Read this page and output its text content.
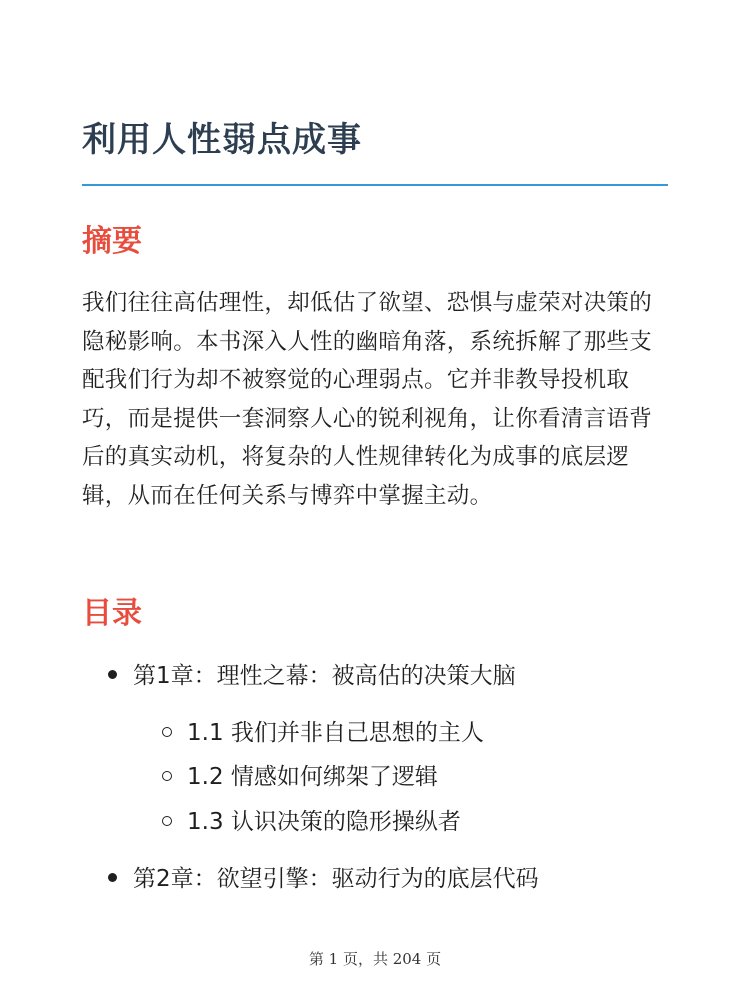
利用人性弱点成事
摘要

我们往往高估理性，却低估了欲望、恐惧与虚荣对决策的隐秘影响。本书深入人性的幽暗角落，系统拆解了那些支配我们行为却不被察觉的心理弱点。它并非教导投机取巧，而是提供一套洞察人心的锐利视角，让你看清言语背后的真实动机，将复杂的人性规律转化为成事的底层逻辑，从而在任何关系与博弈中掌握主动。

目录
第1章：理性之幕：被高估的决策大脑
1.1 我们并非自己思想的主人
1.2 情感如何绑架了逻辑
1.3 认识决策的隐形操纵者
第2章：欲望引擎：驱动行为的底层代码
第 1 页，共 204 页
